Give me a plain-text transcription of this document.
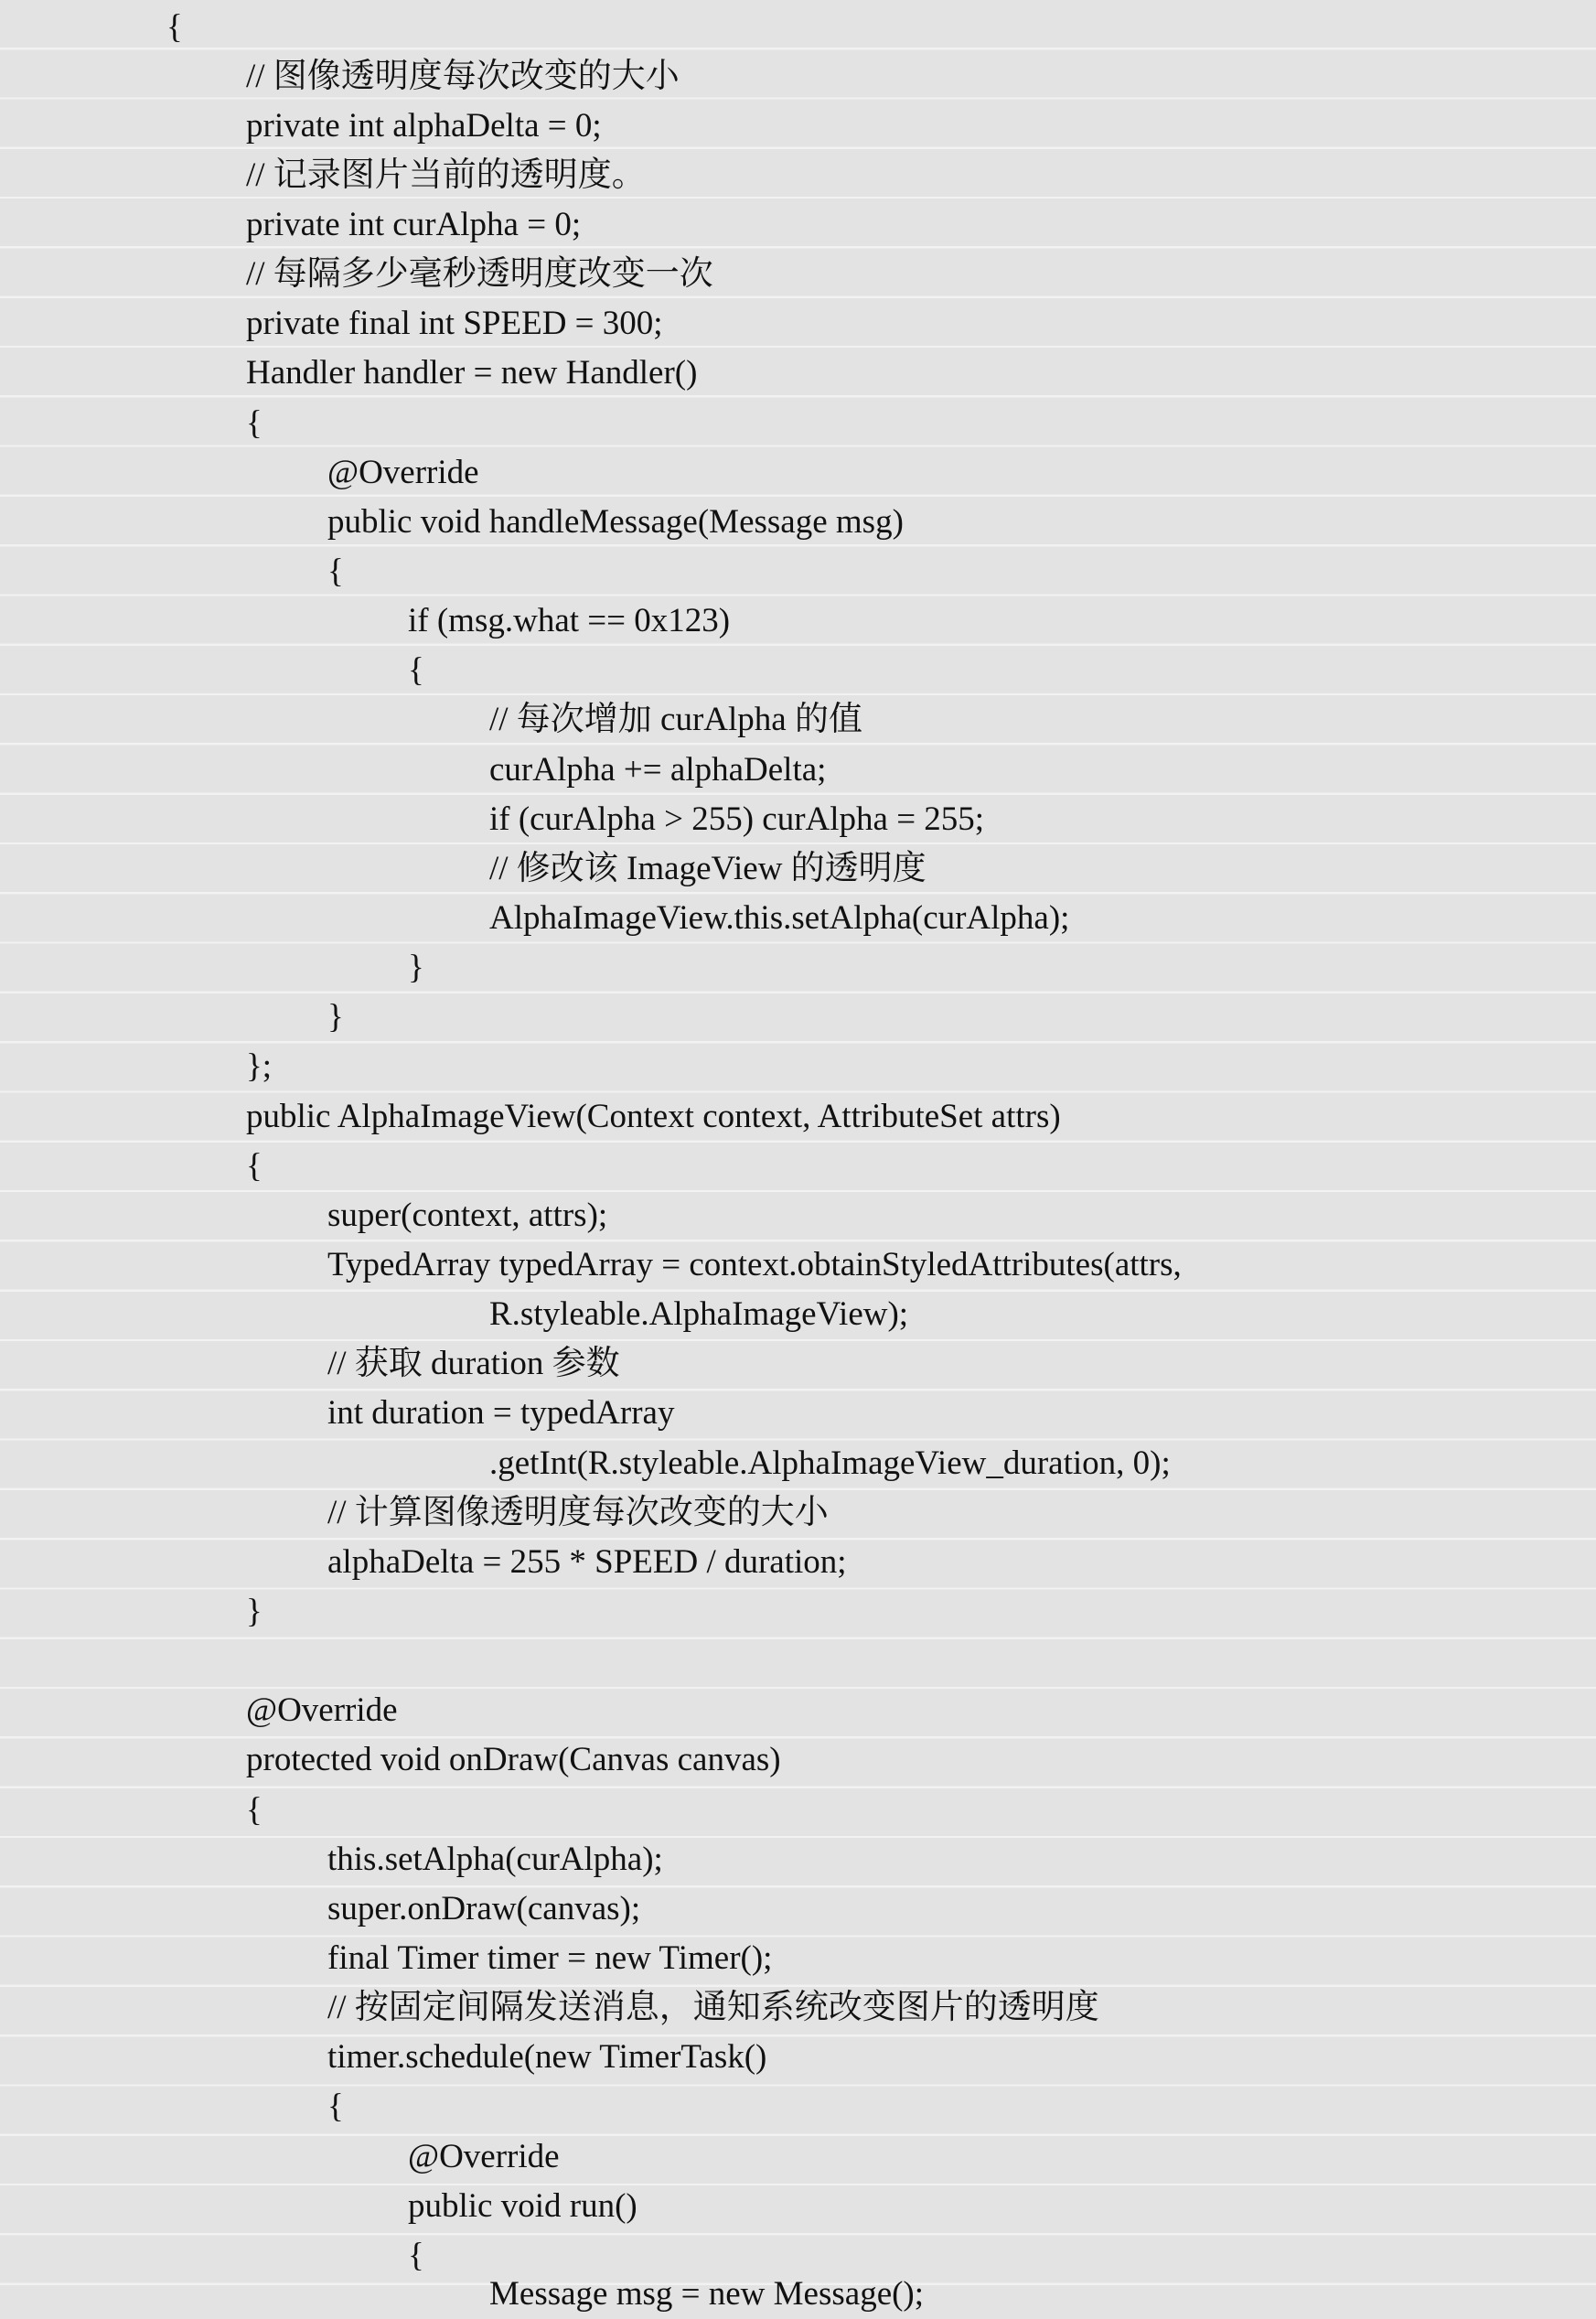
{
// 图像透明度每次改变的大小
private int alphaDelta = 0;
// 记录图片当前的透明度。
private int curAlpha = 0;
// 每隔多少毫秒透明度改变一次
private final int SPEED = 300;
Handler handler = new Handler()
{
@Override
public void handleMessage(Message msg)
{
if (msg.what == 0x123)
{
// 每次增加 curAlpha 的值
curAlpha += alphaDelta;
if (curAlpha > 255) curAlpha = 255;
// 修改该 ImageView 的透明度
AlphaImageView.this.setAlpha(curAlpha);
}
}
};
public AlphaImageView(Context context, AttributeSet attrs)
{
super(context, attrs);
TypedArray typedArray = context.obtainStyledAttributes(attrs,
R.styleable.AlphaImageView);
// 获取 duration 参数
int duration = typedArray
.getInt(R.styleable.AlphaImageView_duration, 0);
// 计算图像透明度每次改变的大小
alphaDelta = 255 * SPEED / duration;
}
@Override
protected void onDraw(Canvas canvas)
{
this.setAlpha(curAlpha);
super.onDraw(canvas);
final Timer timer = new Timer();
// 按固定间隔发送消息，通知系统改变图片的透明度
timer.schedule(new TimerTask()
{
@Override
public void run()
{
Message msg = new Message();
